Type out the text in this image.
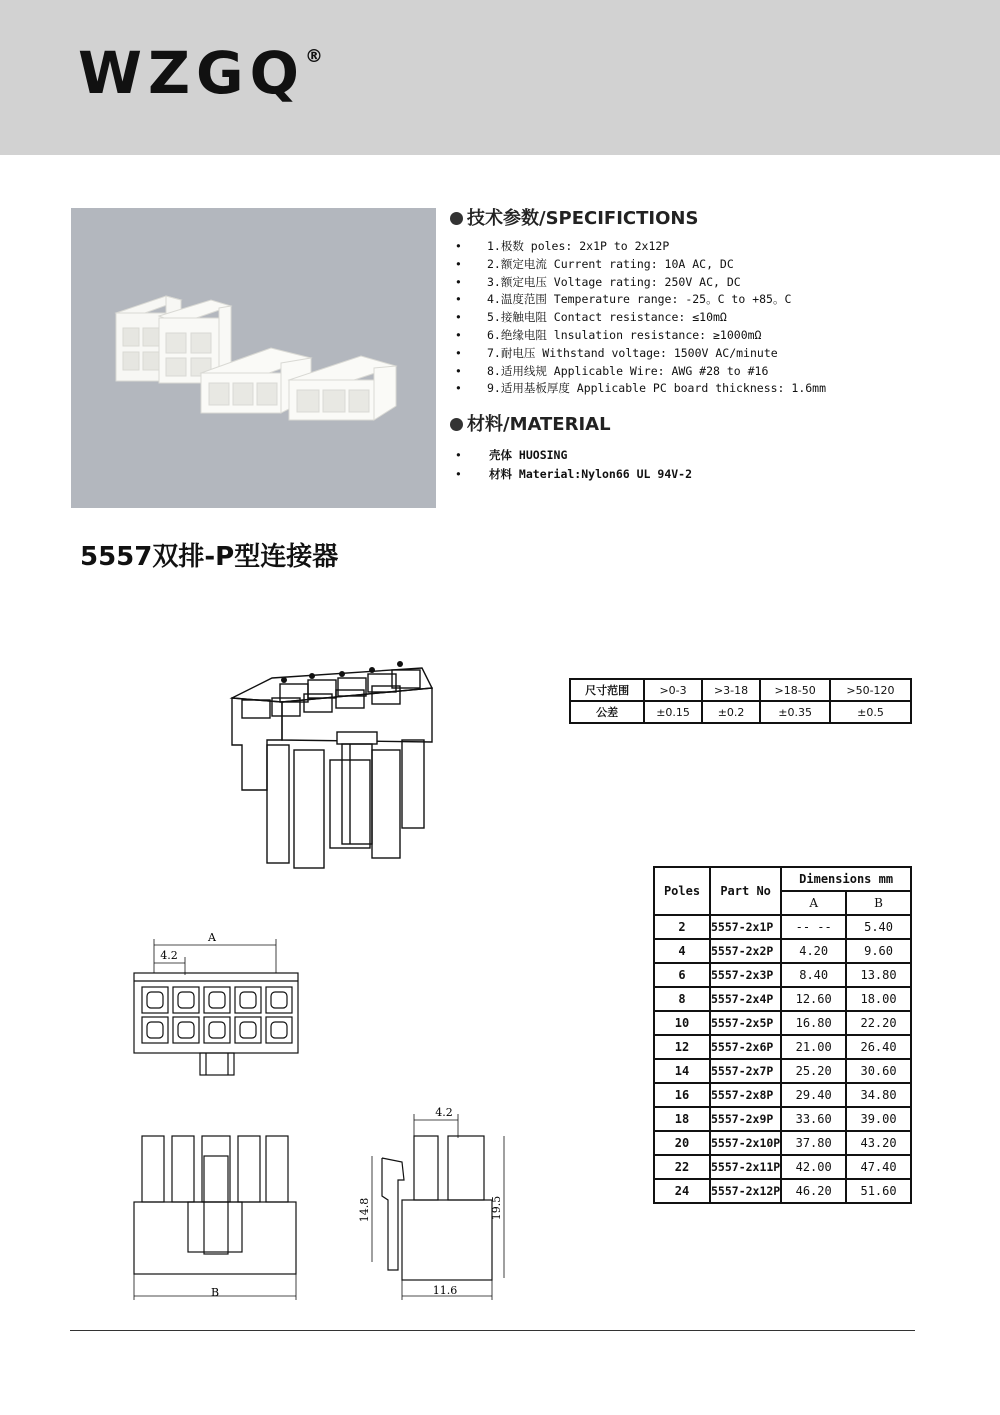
WZGQ®
技术参数/SPECIFICTIONS
• 1.极数 poles: 2x1P to 2x12P
• 2.额定电流 Current rating: 10A AC, DC
• 3.额定电压 Voltage rating: 250V AC, DC
• 4.温度范围 Temperature range: -25。C to +85。C
• 5.接触电阻 Contact resistance: ≤10mΩ
• 6.绝缘电阻 lnsulation resistance: ≥1000mΩ
• 7.耐电压 Withstand voltage: 1500V AC/minute
• 8.适用线规 Applicable Wire: AWG #28 to #16
• 9.适用基板厚度 Applicable PC board thickness: 1.6mm
材料/MATERIAL
• 壳体 HUOSING
• 材料 Material:Nylon66 UL 94V-2
5557双排-P型连接器
尺寸范围	>0-3	>3-18	>18-50	>50-120
公差	±0.15	±0.2	±0.35	±0.5
Poles	Part No	Dimensions mm	
		A	B
2	5557-2x1P	-- --	5.40
4	5557-2x2P	4.20	9.60
6	5557-2x3P	8.40	13.80
8	5557-2x4P	12.60	18.00
10	5557-2x5P	16.80	22.20
12	5557-2x6P	21.00	26.40
14	5557-2x7P	25.20	30.60
16	5557-2x8P	29.40	34.80
18	5557-2x9P	33.60	39.00
20	5557-2x10P	37.80	43.20
22	5557-2x11P	42.00	47.40
24	5557-2x12P	46.20	51.60
A
4.2
B
4.2
14.8	19.5
11.6
